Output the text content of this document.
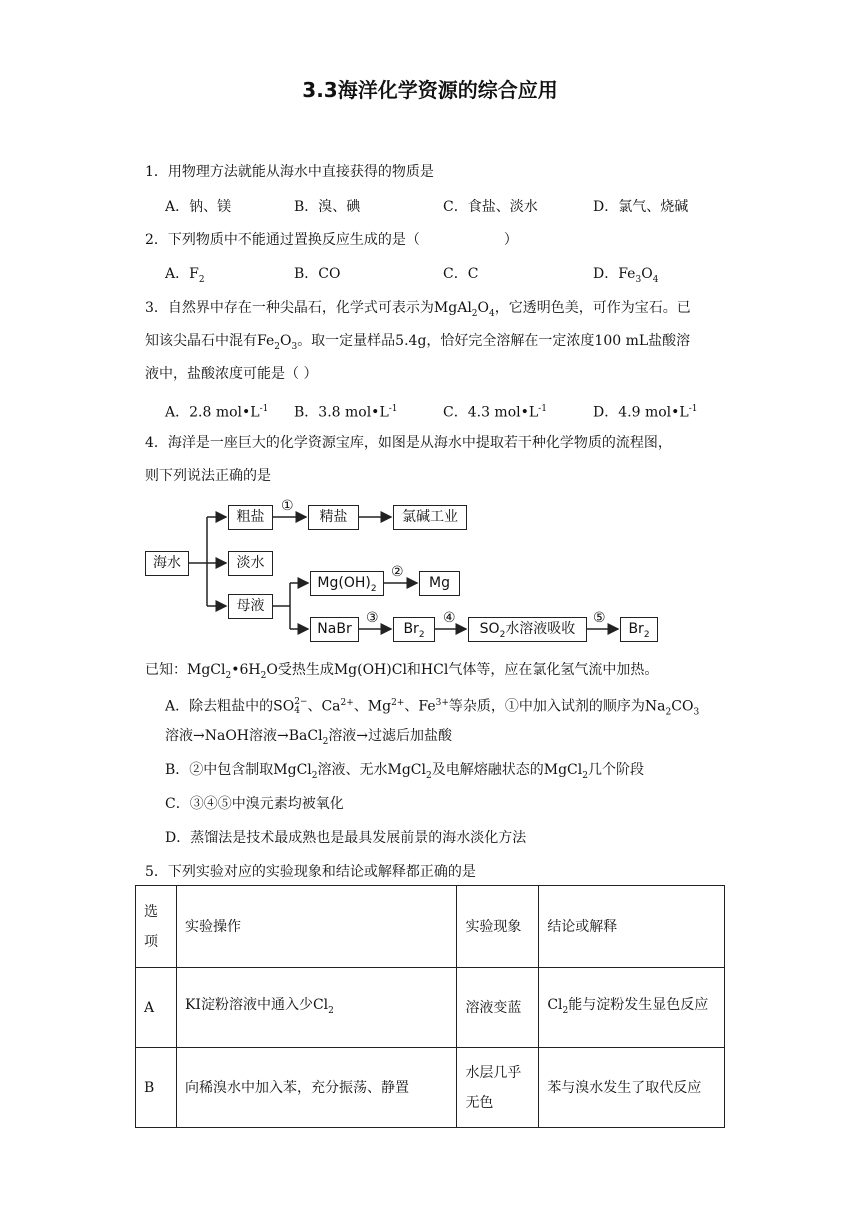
3.3海洋化学资源的综合应用
1．用物理方法就能从海水中直接获得的物质是
A．钠、镁	B．溴、碘	C．食盐、淡水	D．氯气、烧碱
2．下列物质中不能通过置换反应生成的是（　　　　　　）
A．$F_2$	B．CO	C．C	D．$Fe_3O_4$
3．自然界中存在一种尖晶石，化学式可表示为$MgAl_2O_4$，它透明色美，可作为宝石。已
知该尖晶石中混有$Fe_2O_3$。取一定量样品5.4g，恰好完全溶解在一定浓度100 mL盐酸溶
液中，盐酸浓度可能是（ ）
A．2.8 $mol•L^{-1}$ B．3.8 $mol•L^{-1}$	C．4.3 $mol•L^{-1}$	D．4.9 $mol•L^{-1}$
4．海洋是一座巨大的化学资源宝库，如图是从海水中提取若干种化学物质的流程图，
则下列说法正确的是
海水
粗盐	精盐	氯碱工业
淡水
母液
$Mg(OH)_2$	Mg
NaBr	$Br_2$	$SO_2$水溶液吸收	$Br_2$
①
②
③	④	⑤
已知：$MgCl_2•6H_2O$受热生成Mg(OH)Cl和HCl气体等，应在氯化氢气流中加热。
A．除去粗盐中的SO2−
4 、$Ca^{2+}$、$Mg^{2+}$、$Fe^{3+}$等杂质，①中加入试剂的顺序为$Na_2CO_3$
溶液→NaOH溶液→BaCl$_2$溶液→过滤后加盐酸
B．②中包含制取MgCl$_2$溶液、无水MgCl$_2$及电解熔融状态的MgCl$_2$几个阶段
C．③④⑤中溴元素均被氧化
D．蒸馏法是技术最成熟也是最具发展前景的海水淡化方法
5．下列实验对应的实验现象和结论或解释都正确的是
选项	实验操作	实验现象	结论或解释
A	KI淀粉溶液中通入少$Cl_2$	溶液变蓝	$Cl_2$能与淀粉发生显色反应
B	向稀溴水中加入苯，充分振荡、静置	水层几乎无色	苯与溴水发生了取代反应
